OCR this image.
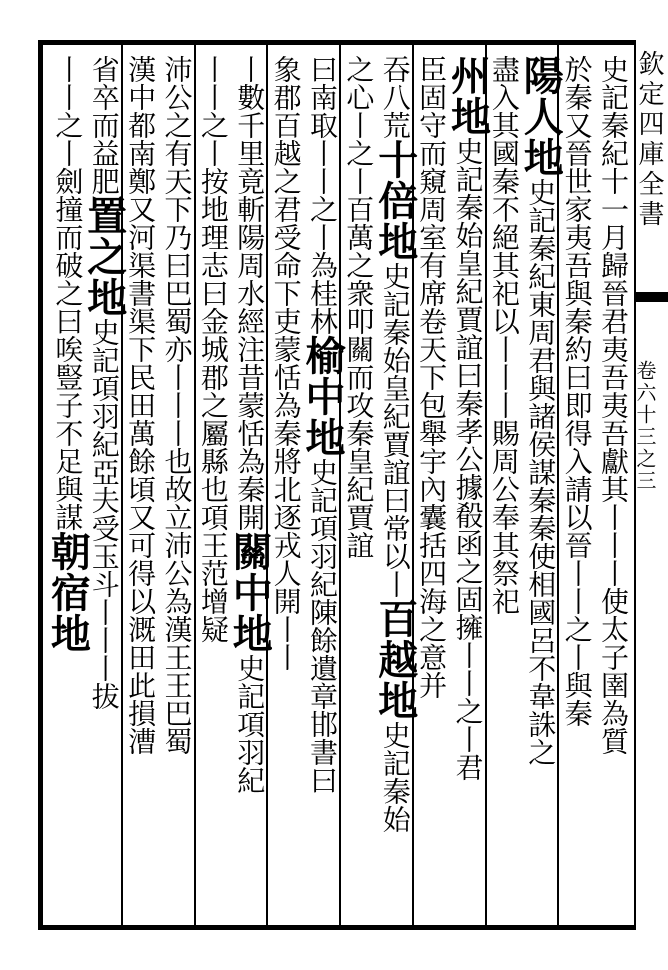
欽定四庫全書
卷六十三之三
史記秦紀十一月歸晉君夷吾夷吾獻其丨丨丨使太子圉為質
於秦又晉世家夷吾與秦約曰即得入請以晉丨丨之丨與秦
陽人地史記秦紀東周君與諸侯謀秦秦使相國呂不韋誅之
盡入其國秦不絕其祀以丨丨丨賜周公奉其祭祀
州地史記秦始皇紀賈誼曰秦孝公據殽函之固擁丨丨之丨君
臣固守而窺周室有席卷天下包舉宇內囊括四海之意并
吞八荒十倍地史記秦始皇紀賈誼曰常以丨百越地史記秦始
之心丨之丨百萬之衆叩關而攻秦皇紀賈誼
曰南取丨丨之丨為桂林榆中地史記項羽紀陳餘遺章邯書曰
象郡百越之君受命下吏蒙恬為秦將北逐戎人開丨丨
丨數千里竟斬陽周水經注昔蒙恬為秦開關中地史記項羽紀
丨丨之丨按地理志曰金城郡之屬縣也項王范增疑
沛公之有天下乃曰巴蜀亦丨丨丨也故立沛公為漢王王巴蜀
漢中都南鄭又河渠書渠下民田萬餘頃又可得以溉田此損漕
省卒而益肥置之地史記項羽紀亞夫受玉斗丨丨丨拔
丨丨之丨劍撞而破之曰唉豎子不足與謀朝宿地
